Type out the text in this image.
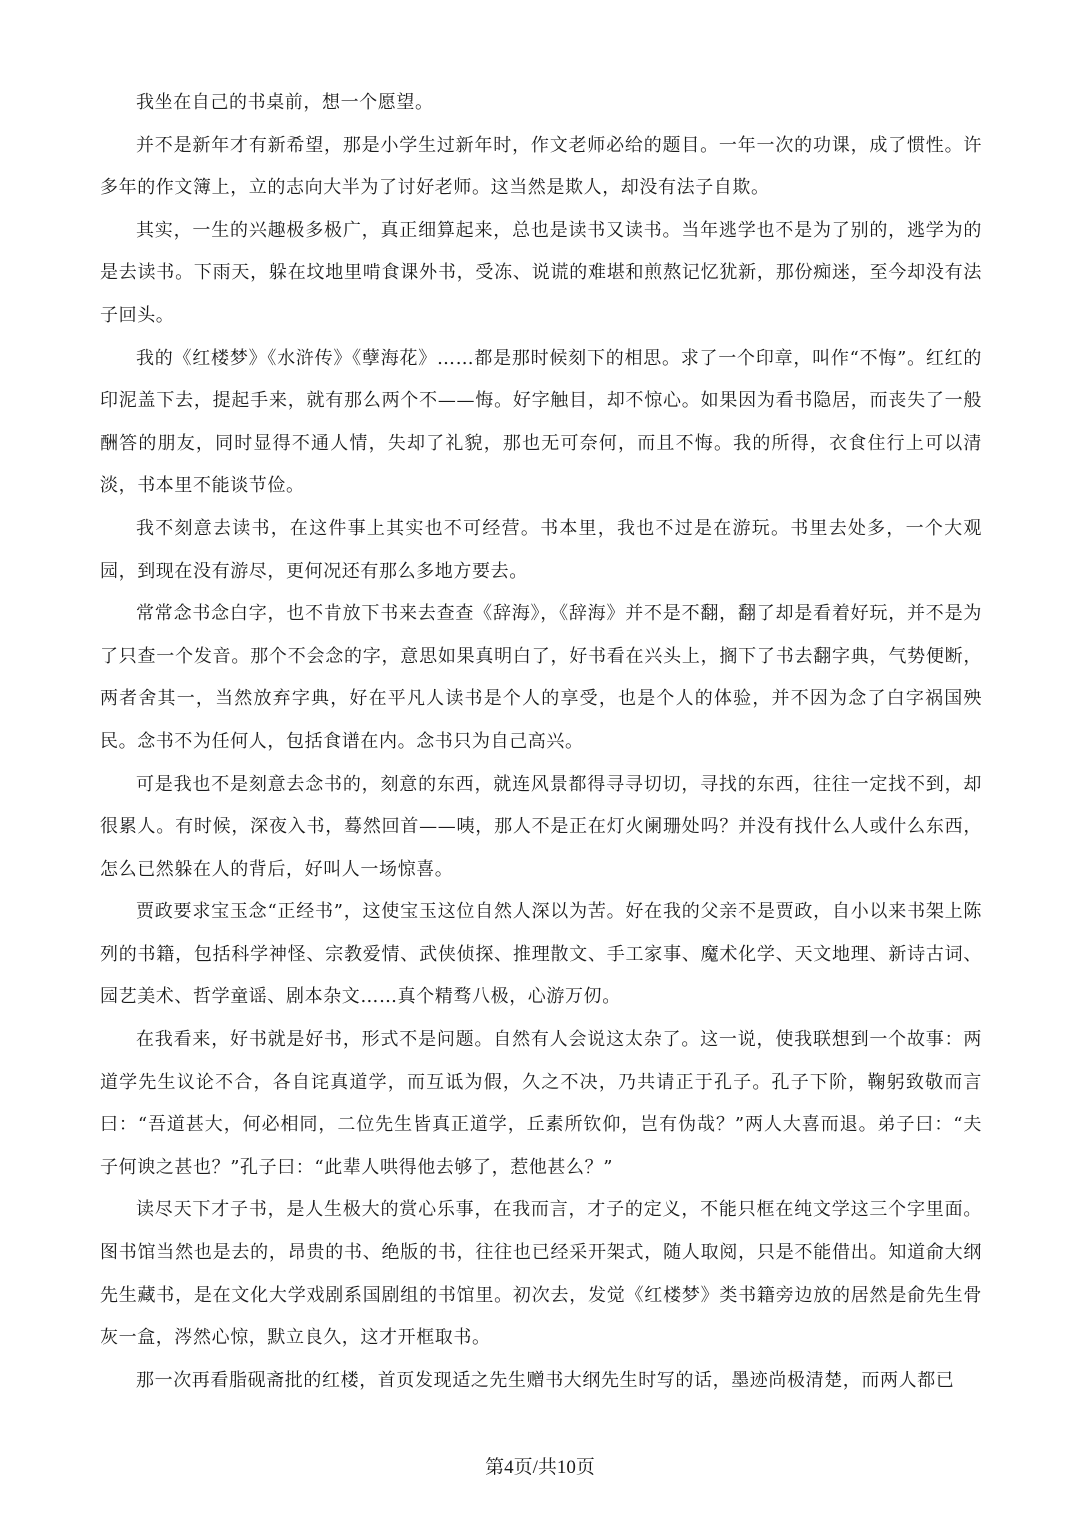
我坐在自己的书桌前，想一个愿望。

并不是新年才有新希望，那是小学生过新年时，作文老师必给的题目。一年一次的功课，成了惯性。许多年的作文簿上，立的志向大半为了讨好老师。这当然是欺人，却没有法子自欺。

其实，一生的兴趣极多极广，真正细算起来，总也是读书又读书。当年逃学也不是为了别的，逃学为的是去读书。下雨天，躲在坟地里啃食课外书，受冻、说谎的难堪和煎熬记忆犹新，那份痴迷，至今却没有法子回头。

我的《红楼梦》《水浒传》《孽海花》……都是那时候刻下的相思。求了一个印章，叫作“不悔”。红红的印泥盖下去，提起手来，就有那么两个不——悔。好字触目，却不惊心。如果因为看书隐居，而丧失了一般酬答的朋友，同时显得不通人情，失却了礼貌，那也无可奈何，而且不悔。我的所得，衣食住行上可以清淡，书本里不能谈节俭。

我不刻意去读书，在这件事上其实也不可经营。书本里，我也不过是在游玩。书里去处多，一个大观园，到现在没有游尽，更何况还有那么多地方要去。

常常念书念白字，也不肯放下书来去查查《辞海》，《辞海》并不是不翻，翻了却是看着好玩，并不是为了只查一个发音。那个不会念的字，意思如果真明白了，好书看在兴头上，搁下了书去翻字典，气势便断，两者舍其一，当然放弃字典，好在平凡人读书是个人的享受，也是个人的体验，并不因为念了白字祸国殃民。念书不为任何人，包括食谱在内。念书只为自己高兴。

可是我也不是刻意去念书的，刻意的东西，就连风景都得寻寻切切，寻找的东西，往往一定找不到，却很累人。有时候，深夜入书，蓦然回首——咦，那人不是正在灯火阑珊处吗？并没有找什么人或什么东西，怎么已然躲在人的背后，好叫人一场惊喜。

贾政要求宝玉念“正经书”，这使宝玉这位自然人深以为苦。好在我的父亲不是贾政，自小以来书架上陈列的书籍，包括科学神怪、宗教爱情、武侠侦探、推理散文、手工家事、魔术化学、天文地理、新诗古词、园艺美术、哲学童谣、剧本杂文……真个精骛八极，心游万仞。

在我看来，好书就是好书，形式不是问题。自然有人会说这太杂了。这一说，使我联想到一个故事：两道学先生议论不合，各自诧真道学，而互诋为假，久之不决，乃共请正于孔子。孔子下阶，鞠躬致敬而言曰：“吾道甚大，何必相同，二位先生皆真正道学，丘素所钦仰，岂有伪哉？”两人大喜而退。弟子曰：“夫子何谀之甚也？”孔子曰：“此辈人哄得他去够了，惹他甚么？”

读尽天下才子书，是人生极大的赏心乐事，在我而言，才子的定义，不能只框在纯文学这三个字里面。图书馆当然也是去的，昂贵的书、绝版的书，往往也已经采开架式，随人取阅，只是不能借出。知道俞大纲先生藏书，是在文化大学戏剧系国剧组的书馆里。初次去，发觉《红楼梦》类书籍旁边放的居然是俞先生骨灰一盒，涔然心惊，默立良久，这才开框取书。

那一次再看脂砚斋批的红楼，首页发现适之先生赠书大纲先生时写的话，墨迹尚极清楚，而两人都已

第4页/共10页
